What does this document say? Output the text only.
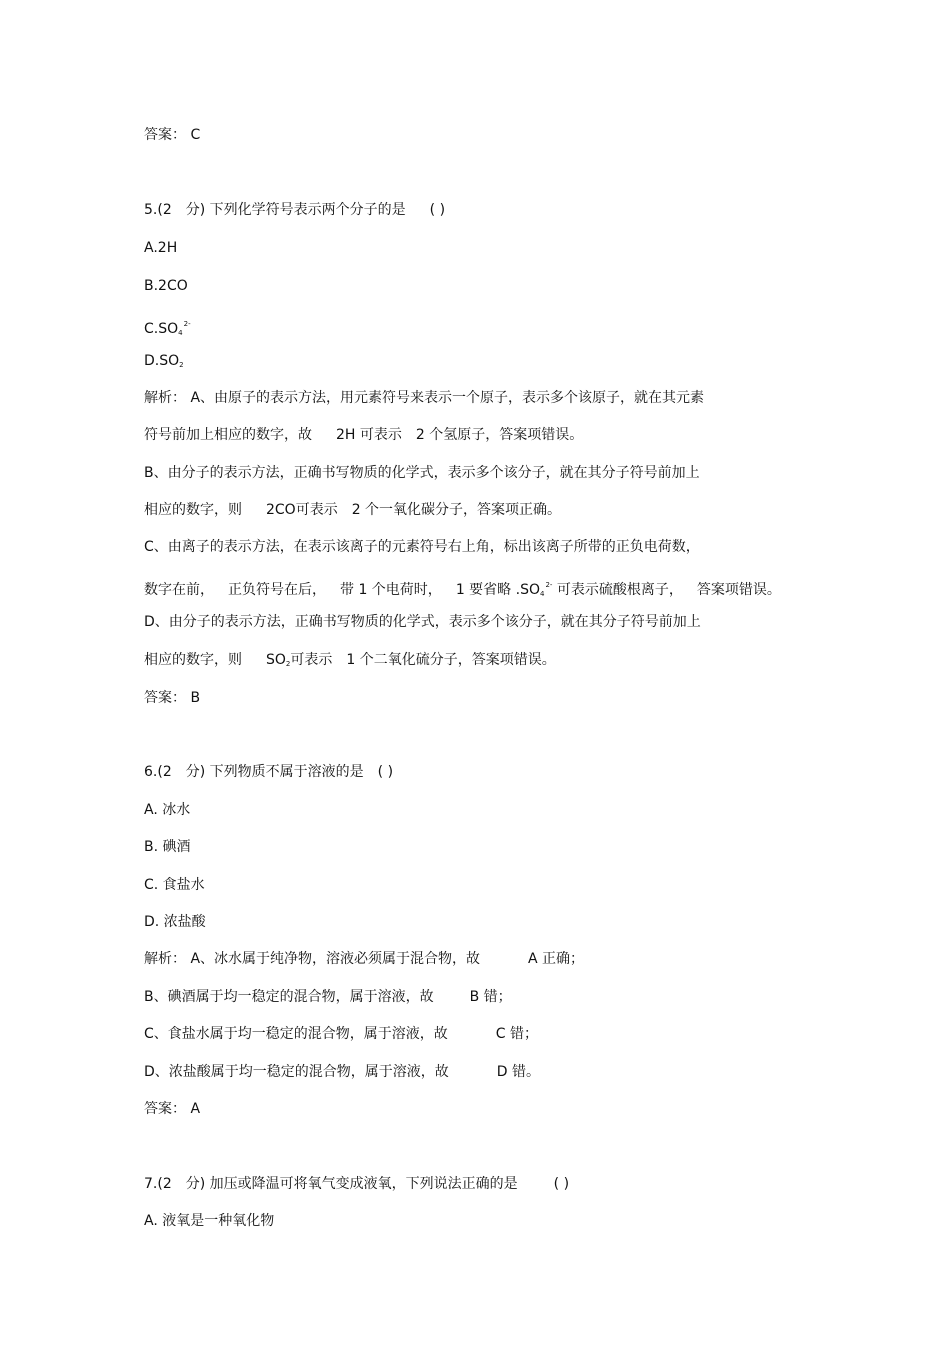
答案： C
5.(2 分) 下列化学符号表示两个分子的是 ( )
A.2H
B.2CO
$C.SO_4^{2-}$
$D.SO_2$
解析： A、由原子的表示方法，用元素符号来表示一个原子，表示多个该原子，就在其元素
符号前加上相应的数字，故 2H 可表示 2 个氢原子，答案项错误。
B、由分子的表示方法，正确书写物质的化学式，表示多个该分子，就在其分子符号前加上
相应的数字，则 2CO可表示 2 个一氧化碳分子，答案项正确。
C、由离子的表示方法，在表示该离子的元素符号右上角，标出该离子所带的正负电荷数，
数字在前， 正负符号在后， 带 1 个电荷时， 1 要省略 $.SO_4^{2-}$ 可表示硫酸根离子， 答案项错误。
D、由分子的表示方法，正确书写物质的化学式，表示多个该分子，就在其分子符号前加上
相应的数字，则 $SO_2$可表示 1 个二氧化硫分子，答案项错误。
答案： B
6.(2 分) 下列物质不属于溶液的是 ( )
A. 冰水
B. 碘酒
C. 食盐水
D. 浓盐酸
解析： A、冰水属于纯净物，溶液必须属于混合物，故	A 正确；
B、碘酒属于均一稳定的混合物，属于溶液，故	B 错；
C、食盐水属于均一稳定的混合物，属于溶液，故	C 错；
D、浓盐酸属于均一稳定的混合物，属于溶液，故	D 错。
答案： A
7.(2 分) 加压或降温可将氧气变成液氧，下列说法正确的是	( )
A. 液氧是一种氧化物
